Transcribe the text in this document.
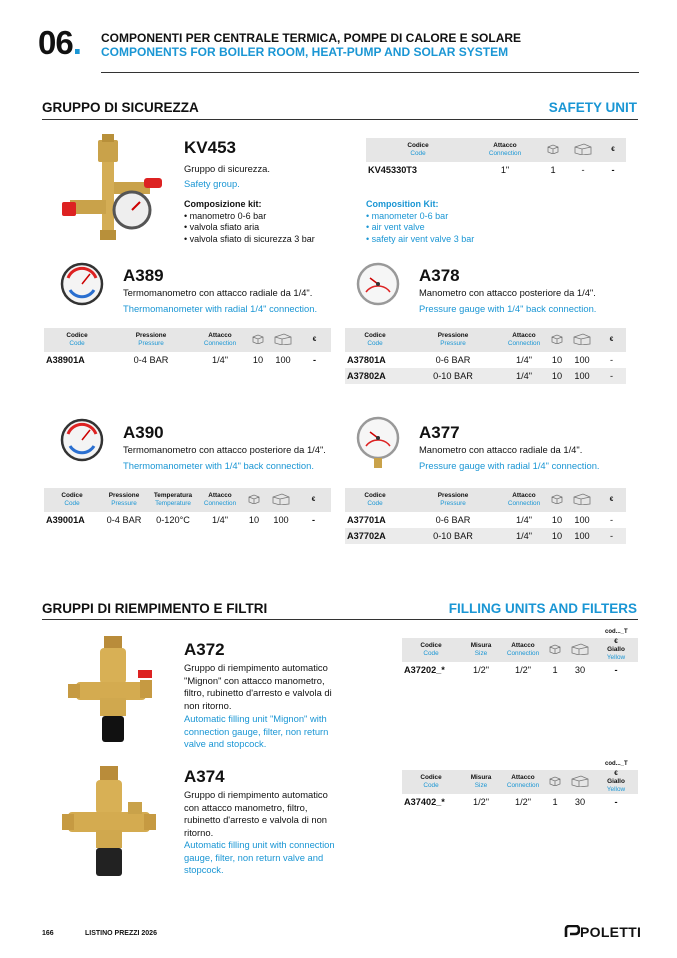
06. COMPONENTI PER CENTRALE TERMICA, POMPE DI CALORE E SOLARE
COMPONENTS FOR BOILER ROOM, HEAT-PUMP AND SOLAR SYSTEM
GRUPPO DI SICUREZZA	SAFETY UNIT
KV453
Gruppo di sicurezza.
Safety group.
Composizione kit:
• manometro 0-6 bar
• valvola sfiato aria
• valvola sfiato di sicurezza 3 bar
Composition Kit:
• manometer 0-6 bar
• air vent valve
• safety air vent valve 3 bar
Codice
Code	Attacco
Connection			€
KV45330T3	1"	1	-	-
A389
Termomanometro con attacco radiale da 1/4".
Thermomanometer with radial 1/4" connection.
Codice
Code	Pressione
Pressure	Attacco
Connection			€
A38901A	0-4 BAR	1/4"	10	100	-
A378
Manometro con attacco posteriore da 1/4".
Pressure gauge with 1/4" back connection.
Codice
Code	Pressione
Pressure	Attacco
Connection			€
A37801A	0-6 BAR	1/4"	10	100	-
A37802A	0-10 BAR	1/4"	10	100	-
A390
Termomanometro con attacco posteriore da 1/4".
Thermomanometer with 1/4" back connection.
Codice
Code	Pressione
Pressure	Temperatura
Temperature	Attacco
Connection			€
A39001A	0-4 BAR	0-120°C	1/4"	10	100	-
A377
Manometro con attacco radiale da 1/4".
Pressure gauge with radial 1/4" connection.
Codice
Code	Pressione
Pressure	Attacco
Connection			€
A37701A	0-6 BAR	1/4"	10	100	-
A37702A	0-10 BAR	1/4"	10	100	-
GRUPPI DI RIEMPIMENTO E FILTRI	FILLING UNITS AND FILTERS
A372
Gruppo di riempimento automatico
"Mignon" con attacco manometro,
filtro, rubinetto d'arresto e valvola di
non ritorno.
Automatic filling unit "Mignon" with
connection gauge, filter, non return
valve and stopcock.
cod..._T
Codice
Code	Misura
Size	Attacco
Connection			€
Giallo
Yellow

A37202_*	1/2"	1/2"	1	30	-
A374
Gruppo di riempimento automatico
con attacco manometro, filtro,
rubinetto d'arresto e valvola di non
ritorno.
Automatic filling unit with connection
gauge, filter, non return valve and
stopcock.
cod..._T
Codice
Code	Misura
Size	Attacco
Connection			€
Giallo
Yellow

A37402_*	1/2"	1/2"	1	30	-
166	LISTINO PREZZI 2026	POLETTI
